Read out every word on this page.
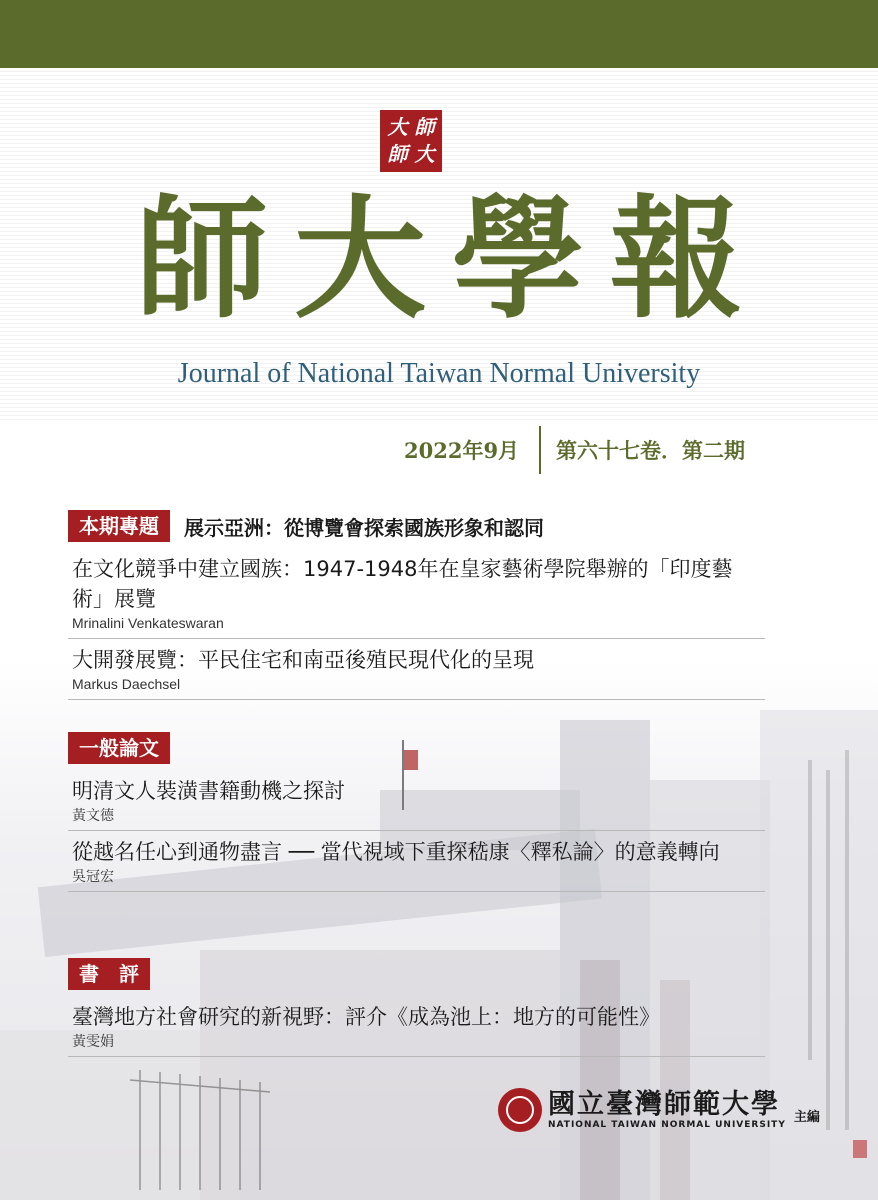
大 師
師 大
師大學報
Journal of National Taiwan Normal University
2022年9月 第六十七卷．第二期
本期專題	展示亞洲：從博覽會探索國族形象和認同
在文化競爭中建立國族：1947-1948年在皇家藝術學院舉辦的「印度藝術」展覽
Mrinalini Venkateswaran
大開發展覽：平民住宅和南亞後殖民現代化的呈現
Markus Daechsel
一般論文
明清文人裝潢書籍動機之探討
黃文德
從越名任心到通物盡言 ── 當代視域下重探嵇康〈釋私論〉的意義轉向
吳冠宏
書　評
臺灣地方社會研究的新視野：評介《成為池上：地方的可能性》
黃雯娟
國立臺灣師範大學
NATIONAL TAIWAN NORMAL UNIVERSITY
主編
